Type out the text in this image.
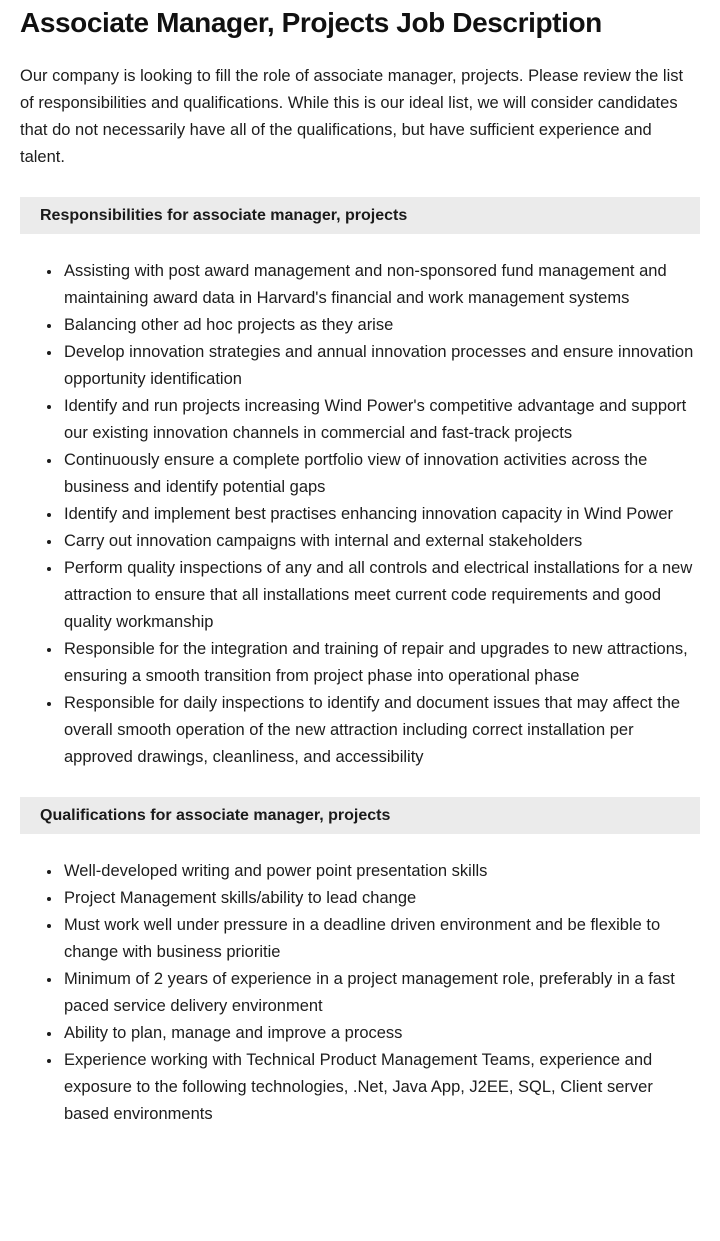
Associate Manager, Projects Job Description

Our company is looking to fill the role of associate manager, projects. Please review the list of responsibilities and qualifications. While this is our ideal list, we will consider candidates that do not necessarily have all of the qualifications, but have sufficient experience and talent.

Responsibilities for associate manager, projects
• Assisting with post award management and non-sponsored fund management and maintaining award data in Harvard's financial and work management systems
• Balancing other ad hoc projects as they arise
• Develop innovation strategies and annual innovation processes and ensure innovation opportunity identification
• Identify and run projects increasing Wind Power's competitive advantage and support our existing innovation channels in commercial and fast-track projects
• Continuously ensure a complete portfolio view of innovation activities across the business and identify potential gaps
• Identify and implement best practises enhancing innovation capacity in Wind Power
• Carry out innovation campaigns with internal and external stakeholders
• Perform quality inspections of any and all controls and electrical installations for a new attraction to ensure that all installations meet current code requirements and good quality workmanship
• Responsible for the integration and training of repair and upgrades to new attractions, ensuring a smooth transition from project phase into operational phase
• Responsible for daily inspections to identify and document issues that may affect the overall smooth operation of the new attraction including correct installation per approved drawings, cleanliness, and accessibility
Qualifications for associate manager, projects
• Well-developed writing and power point presentation skills
• Project Management skills/ability to lead change
• Must work well under pressure in a deadline driven environment and be flexible to change with business prioritie
• Minimum of 2 years of experience in a project management role, preferably in a fast paced service delivery environment
• Ability to plan, manage and improve a process
• Experience working with Technical Product Management Teams, experience and exposure to the following technologies, .Net, Java App, J2EE, SQL, Client server based environments
